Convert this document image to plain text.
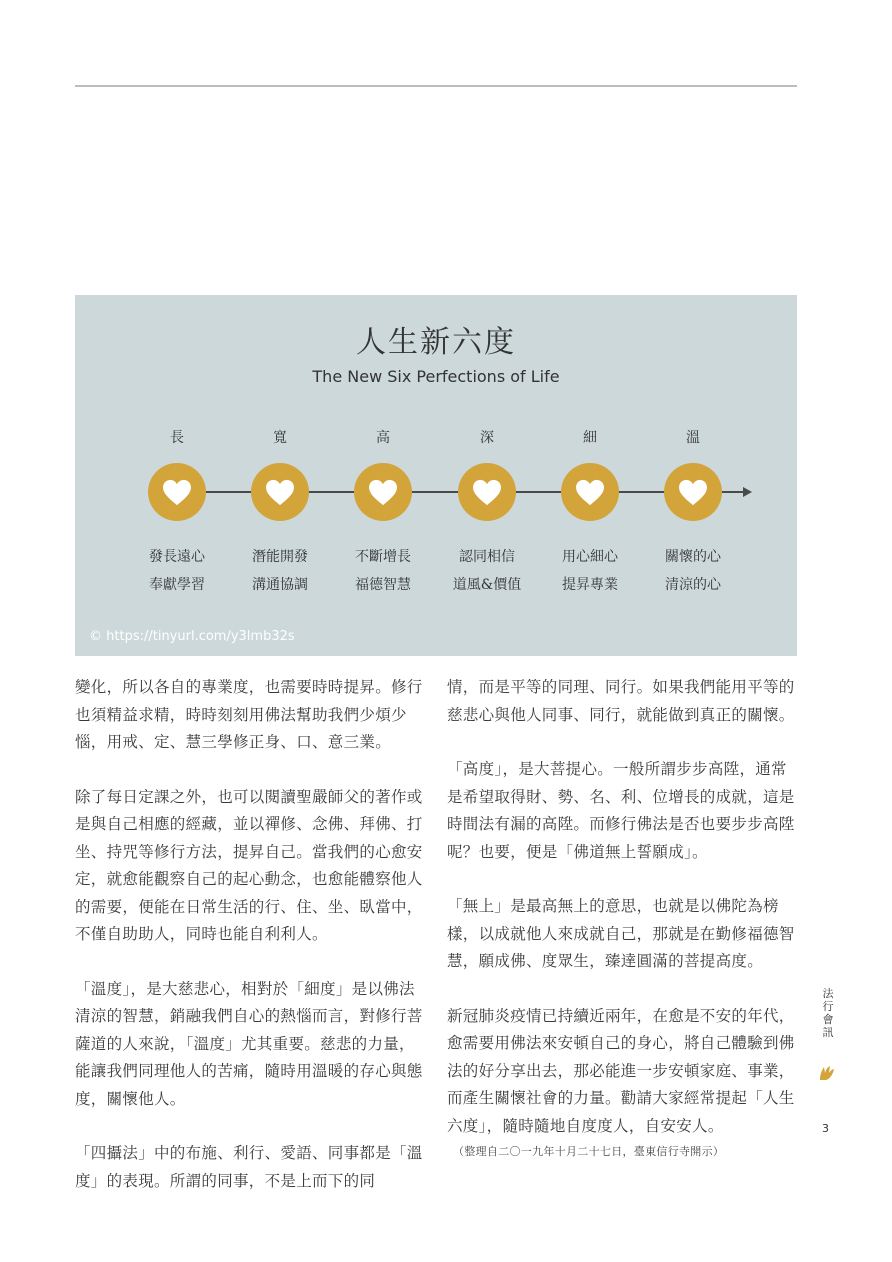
人生新六度
The New Six Perfections of Life
長
發長遠心
奉獻學習
寬
潛能開發
溝通協調
高
不斷增長
福德智慧
深
認同相信
道風&價值
細
用心細心
提昇專業
溫
關懷的心
清涼的心
© https://tinyurl.com/y3lmb32s

變化，所以各自的專業度，也需要時時提昇。修行也須精益求精，時時刻刻用佛法幫助我們少煩少惱，用戒、定、慧三學修正身、口、意三業。

除了每日定課之外，也可以閱讀聖嚴師父的著作或是與自己相應的經藏，並以禪修、念佛、拜佛、打坐、持咒等修行方法，提昇自己。當我們的心愈安定，就愈能觀察自己的起心動念，也愈能體察他人的需要，便能在日常生活的行、住、坐、臥當中，不僅自助助人，同時也能自利利人。

「溫度」，是大慈悲心，相對於「細度」是以佛法清涼的智慧，銷融我們自心的熱惱而言，對修行菩薩道的人來說，「溫度」尤其重要。慈悲的力量，能讓我們同理他人的苦痛，隨時用溫暖的存心與態度，關懷他人。

「四攝法」中的布施、利行、愛語、同事都是「溫度」的表現。所謂的同事，不是上而下的同

情，而是平等的同理、同行。如果我們能用平等的慈悲心與他人同事、同行，就能做到真正的關懷。

「高度」，是大菩提心。一般所謂步步高陞，通常是希望取得財、勢、名、利、位增長的成就，這是時間法有漏的高陞。而修行佛法是否也要步步高陞呢？也要，便是「佛道無上誓願成」。

「無上」是最高無上的意思，也就是以佛陀為榜樣，以成就他人來成就自己，那就是在勤修福德智慧，願成佛、度眾生，臻達圓滿的菩提高度。

新冠肺炎疫情已持續近兩年，在愈是不安的年代，愈需要用佛法來安頓自己的身心，將自己體驗到佛法的好分享出去，那必能進一步安頓家庭、事業，而產生關懷社會的力量。勸請大家經常提起「人生六度」，隨時隨地自度度人，自安安人。

（整理自二〇一九年十月二十七日，臺東信行寺開示）

法
行
會
訊
3
